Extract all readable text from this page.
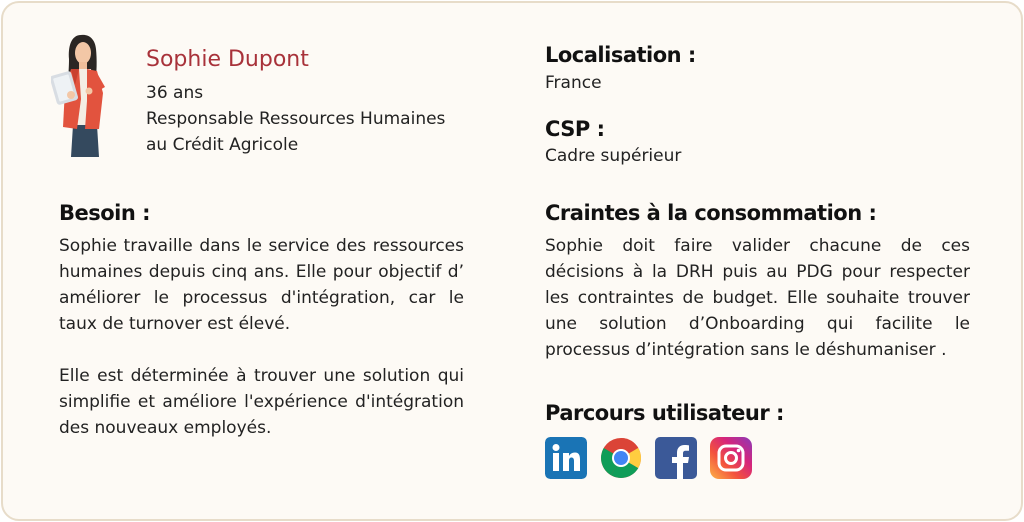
Sophie Dupont
36 ans
Responsable Ressources Humaines
au Crédit Agricole
Localisation :
France
CSP :
Cadre supérieur
Besoin :

Sophie travaille dans le service des ressources humaines depuis cinq ans. Elle pour objectif d’ améliorer le processus d'intégration, car le taux de turnover est élevé.

Elle est déterminée à trouver une solution qui simplifie et améliore l'expérience d'intégration des nouveaux employés.

Craintes à la consommation :

Sophie doit faire valider chacune de ces décisions à la DRH puis au PDG pour respecter les contraintes de budget. Elle souhaite trouver une solution d’Onboarding qui facilite le processus d’intégration sans le déshumaniser .

Parcours utilisateur :
